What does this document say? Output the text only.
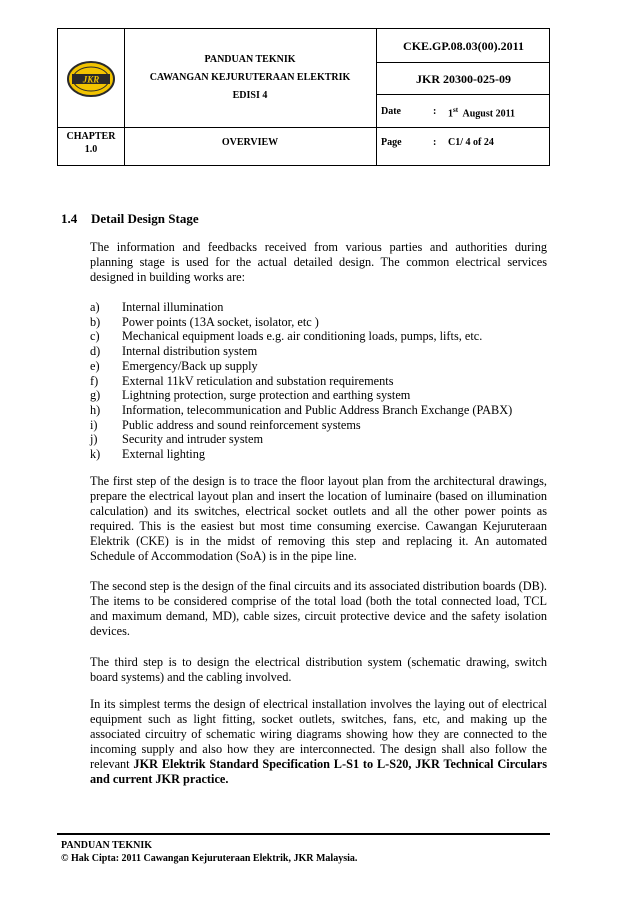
JKR
PANDUAN TEKNIK
CAWANGAN KEJURUTERAAN ELEKTRIK
EDISI 4
CKE.GP.08.03(00).2011
JKR 20300-025-09
Date	: 1st August 2011
CHAPTER
1.0
OVERVIEW	Page	: C1/ 4 of 24
1.4 Detail Design Stage

The information and feedbacks received from various parties and authorities during planning stage is used for the actual detailed design. The common electrical services designed in building works are:

a)	Internal illumination
b)	Power points (13A socket, isolator, etc )
c)	Mechanical equipment loads e.g. air conditioning loads, pumps, lifts, etc.
d)	Internal distribution system
e)	Emergency/Back up supply
f)	External 11kV reticulation and substation requirements
g)	Lightning protection, surge protection and earthing system
h)	Information, telecommunication and Public Address Branch Exchange (PABX)
i)	Public address and sound reinforcement systems
j)	Security and intruder system
k)	External lighting

The first step of the design is to trace the floor layout plan from the architectural drawings, prepare the electrical layout plan and insert the location of luminaire (based on illumination calculation) and its switches, electrical socket outlets and all the other power points as required. This is the easiest but most time consuming exercise. Cawangan Kejuruteraan Elektrik (CKE) is in the midst of removing this step and replacing it. An automated Schedule of Accommodation (SoA) is in the pipe line.

The second step is the design of the final circuits and its associated distribution boards (DB). The items to be considered comprise of the total load (both the total connected load, TCL and maximum demand, MD), cable sizes, circuit protective device and the safety isolation devices.

The third step is to design the electrical distribution system (schematic drawing, switch board systems) and the cabling involved.

In its simplest terms the design of electrical installation involves the laying out of electrical equipment such as light fitting, socket outlets, switches, fans, etc, and making up the associated circuitry of schematic wiring diagrams showing how they are connected to the incoming supply and also how they are interconnected. The design shall also follow the relevant JKR Elektrik Standard Specification L-S1 to L-S20, JKR Technical Circulars and current JKR practice.

PANDUAN TEKNIK
© Hak Cipta: 2011 Cawangan Kejuruteraan Elektrik, JKR Malaysia.
